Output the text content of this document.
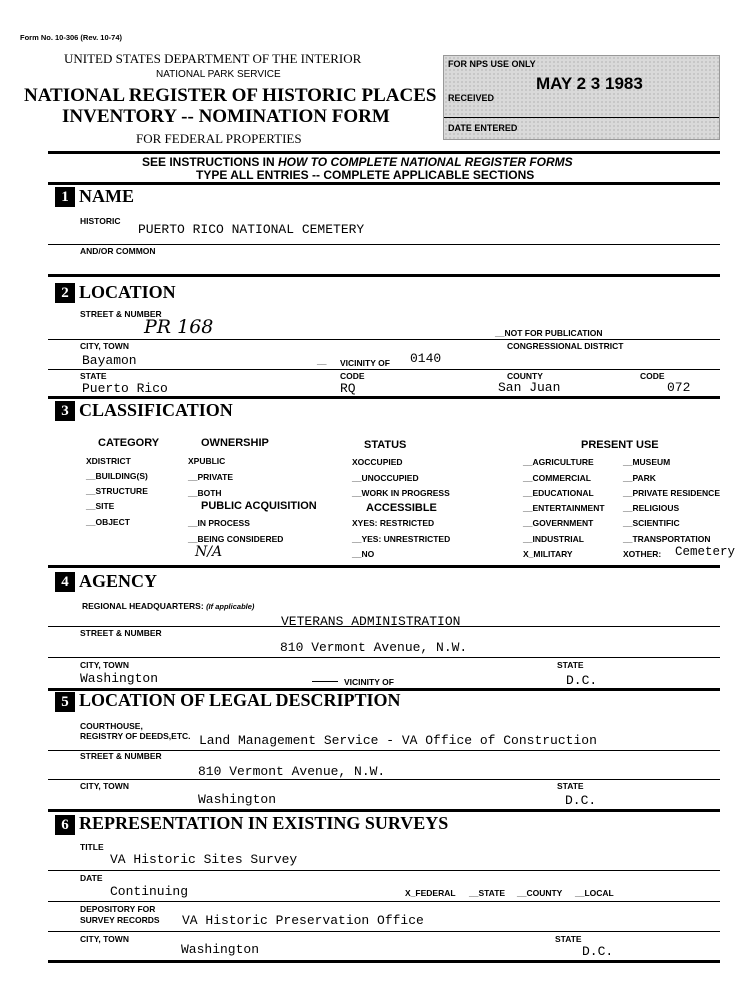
Form No. 10-306 (Rev. 10-74)
UNITED STATES DEPARTMENT OF THE INTERIOR
NATIONAL PARK SERVICE
NATIONAL REGISTER OF HISTORIC PLACES
INVENTORY -- NOMINATION FORM
FOR FEDERAL PROPERTIES
FOR NPS USE ONLY
RECEIVED
MAY 2 3 1983
DATE ENTERED
SEE INSTRUCTIONS IN HOW TO COMPLETE NATIONAL REGISTER FORMS
TYPE ALL ENTRIES -- COMPLETE APPLICABLE SECTIONS
1 NAME
HISTORIC
PUERTO RICO NATIONAL CEMETERY
AND/OR COMMON
2 LOCATION
STREET & NUMBER
PR 168	__NOT FOR PUBLICATION
CITY, TOWN	CONGRESSIONAL DISTRICT
Bayamon	__ VICINITY OF 0140
STATE	CODE	COUNTY	CODE
Puerto Rico	RQ	San Juan	072
3 CLASSIFICATION
CATEGORY
XDISTRICT
__BUILDING(S)
__STRUCTURE
__SITE
__OBJECT
OWNERSHIP
XPUBLIC
__PRIVATE
__BOTH
PUBLIC ACQUISITION
__IN PROCESS
__BEING CONSIDERED
N/A
STATUS
XOCCUPIED
__UNOCCUPIED
__WORK IN PROGRESS
ACCESSIBLE
XYES: RESTRICTED
__YES: UNRESTRICTED
__NO
PRESENT USE
__AGRICULTURE
__COMMERCIAL
__EDUCATIONAL
__ENTERTAINMENT
__GOVERNMENT
__INDUSTRIAL
X_MILITARY
__MUSEUM
__PARK
__PRIVATE RESIDENCE
__RELIGIOUS
__SCIENTIFIC
__TRANSPORTATION
XOTHER: Cemetery
4 AGENCY
REGIONAL HEADQUARTERS: (If applicable)
VETERANS ADMINISTRATION
STREET & NUMBER
810 Vermont Avenue, N.W.
CITY, TOWN	STATE
Washington	VICINITY OF	D.C.
5 LOCATION OF LEGAL DESCRIPTION
COURTHOUSE,
REGISTRY OF DEEDS,ETC. Land Management Service - VA Office of Construction
STREET & NUMBER
810 Vermont Avenue, N.W.
CITY, TOWN	STATE
Washington	D.C.
6 REPRESENTATION IN EXISTING SURVEYS
TITLE
VA Historic Sites Survey
DATE
Continuing	X_FEDERAL __STATE __COUNTY __LOCAL
DEPOSITORY FOR
SURVEY RECORDS VA Historic Preservation Office
CITY, TOWN	STATE
Washington	D.C.
